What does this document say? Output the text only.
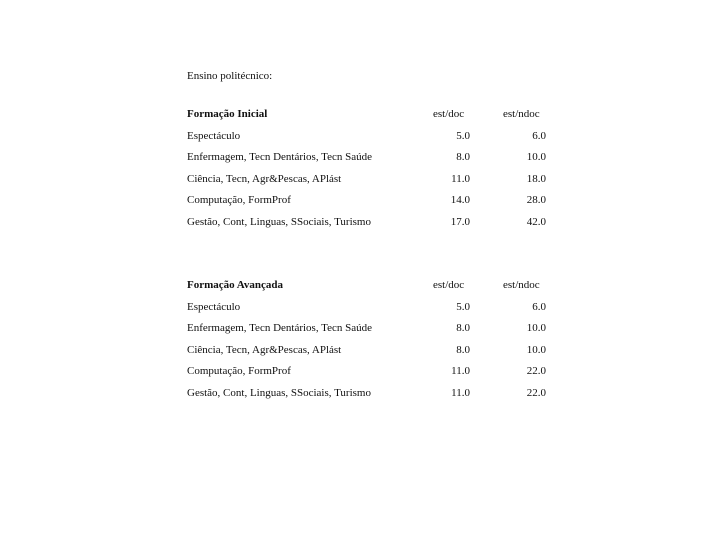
Ensino politécnico:
Formação Inicial	est/doc	est/ndoc
Espectáculo	5.0	6.0
Enfermagem, Tecn Dentários, Tecn Saúde	8.0	10.0
Ciência, Tecn, Agr&Pescas, APlást	11.0	18.0
Computação, FormProf	14.0	28.0
Gestão, Cont, Linguas, SSociais, Turismo	17.0	42.0
Formação Avançada	est/doc	est/ndoc
Espectáculo	5.0	6.0
Enfermagem, Tecn Dentários, Tecn Saúde	8.0	10.0
Ciência, Tecn, Agr&Pescas, APlást	8.0	10.0
Computação, FormProf	11.0	22.0
Gestão, Cont, Linguas, SSociais, Turismo	11.0	22.0
